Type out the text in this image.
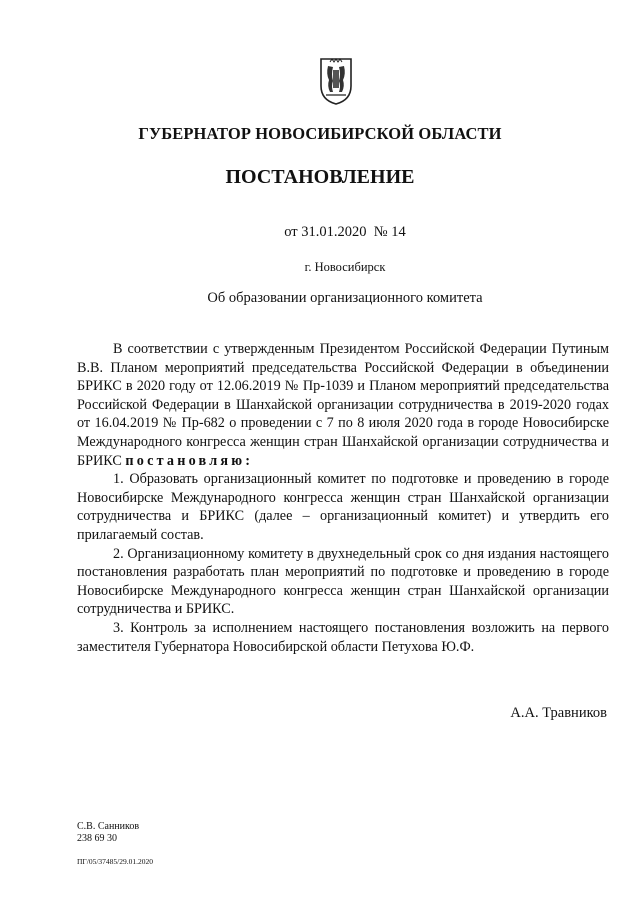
ГУБЕРНАТОР НОВОСИБИРСКОЙ ОБЛАСТИ
ПОСТАНОВЛЕНИЕ
от 31.01.2020  № 14
г. Новосибирск
Об образовании организационного комитета

В соответствии с утвержденным Президентом Российской Федерации Путиным В.В. Планом мероприятий председательства Российской Федерации в объединении БРИКС в 2020 году от 12.06.2019 № Пр-1039 и Планом мероприятий председательства Российской Федерации в Шанхайской организации сотрудничества в 2019-2020 годах от 16.04.2019 № Пр-682 о проведении с 7 по 8 июля 2020 года в городе Новосибирске Международного конгресса женщин стран Шанхайской организации сотрудничества и БРИКС постановляю:

1. Образовать организационный комитет по подготовке и проведению в городе Новосибирске Международного конгресса женщин стран Шанхайской организации сотрудничества и БРИКС (далее – организационный комитет) и утвердить его прилагаемый состав.

2. Организационному комитету в двухнедельный срок со дня издания настоящего постановления разработать план мероприятий по подготовке и проведению в городе Новосибирске Международного конгресса женщин стран Шанхайской организации сотрудничества и БРИКС.

3. Контроль за исполнением настоящего постановления возложить на первого заместителя Губернатора Новосибирской области Петухова Ю.Ф.

А.А. Травников
С.В. Санников
238 69 30
ПГ/05/37485/29.01.2020
